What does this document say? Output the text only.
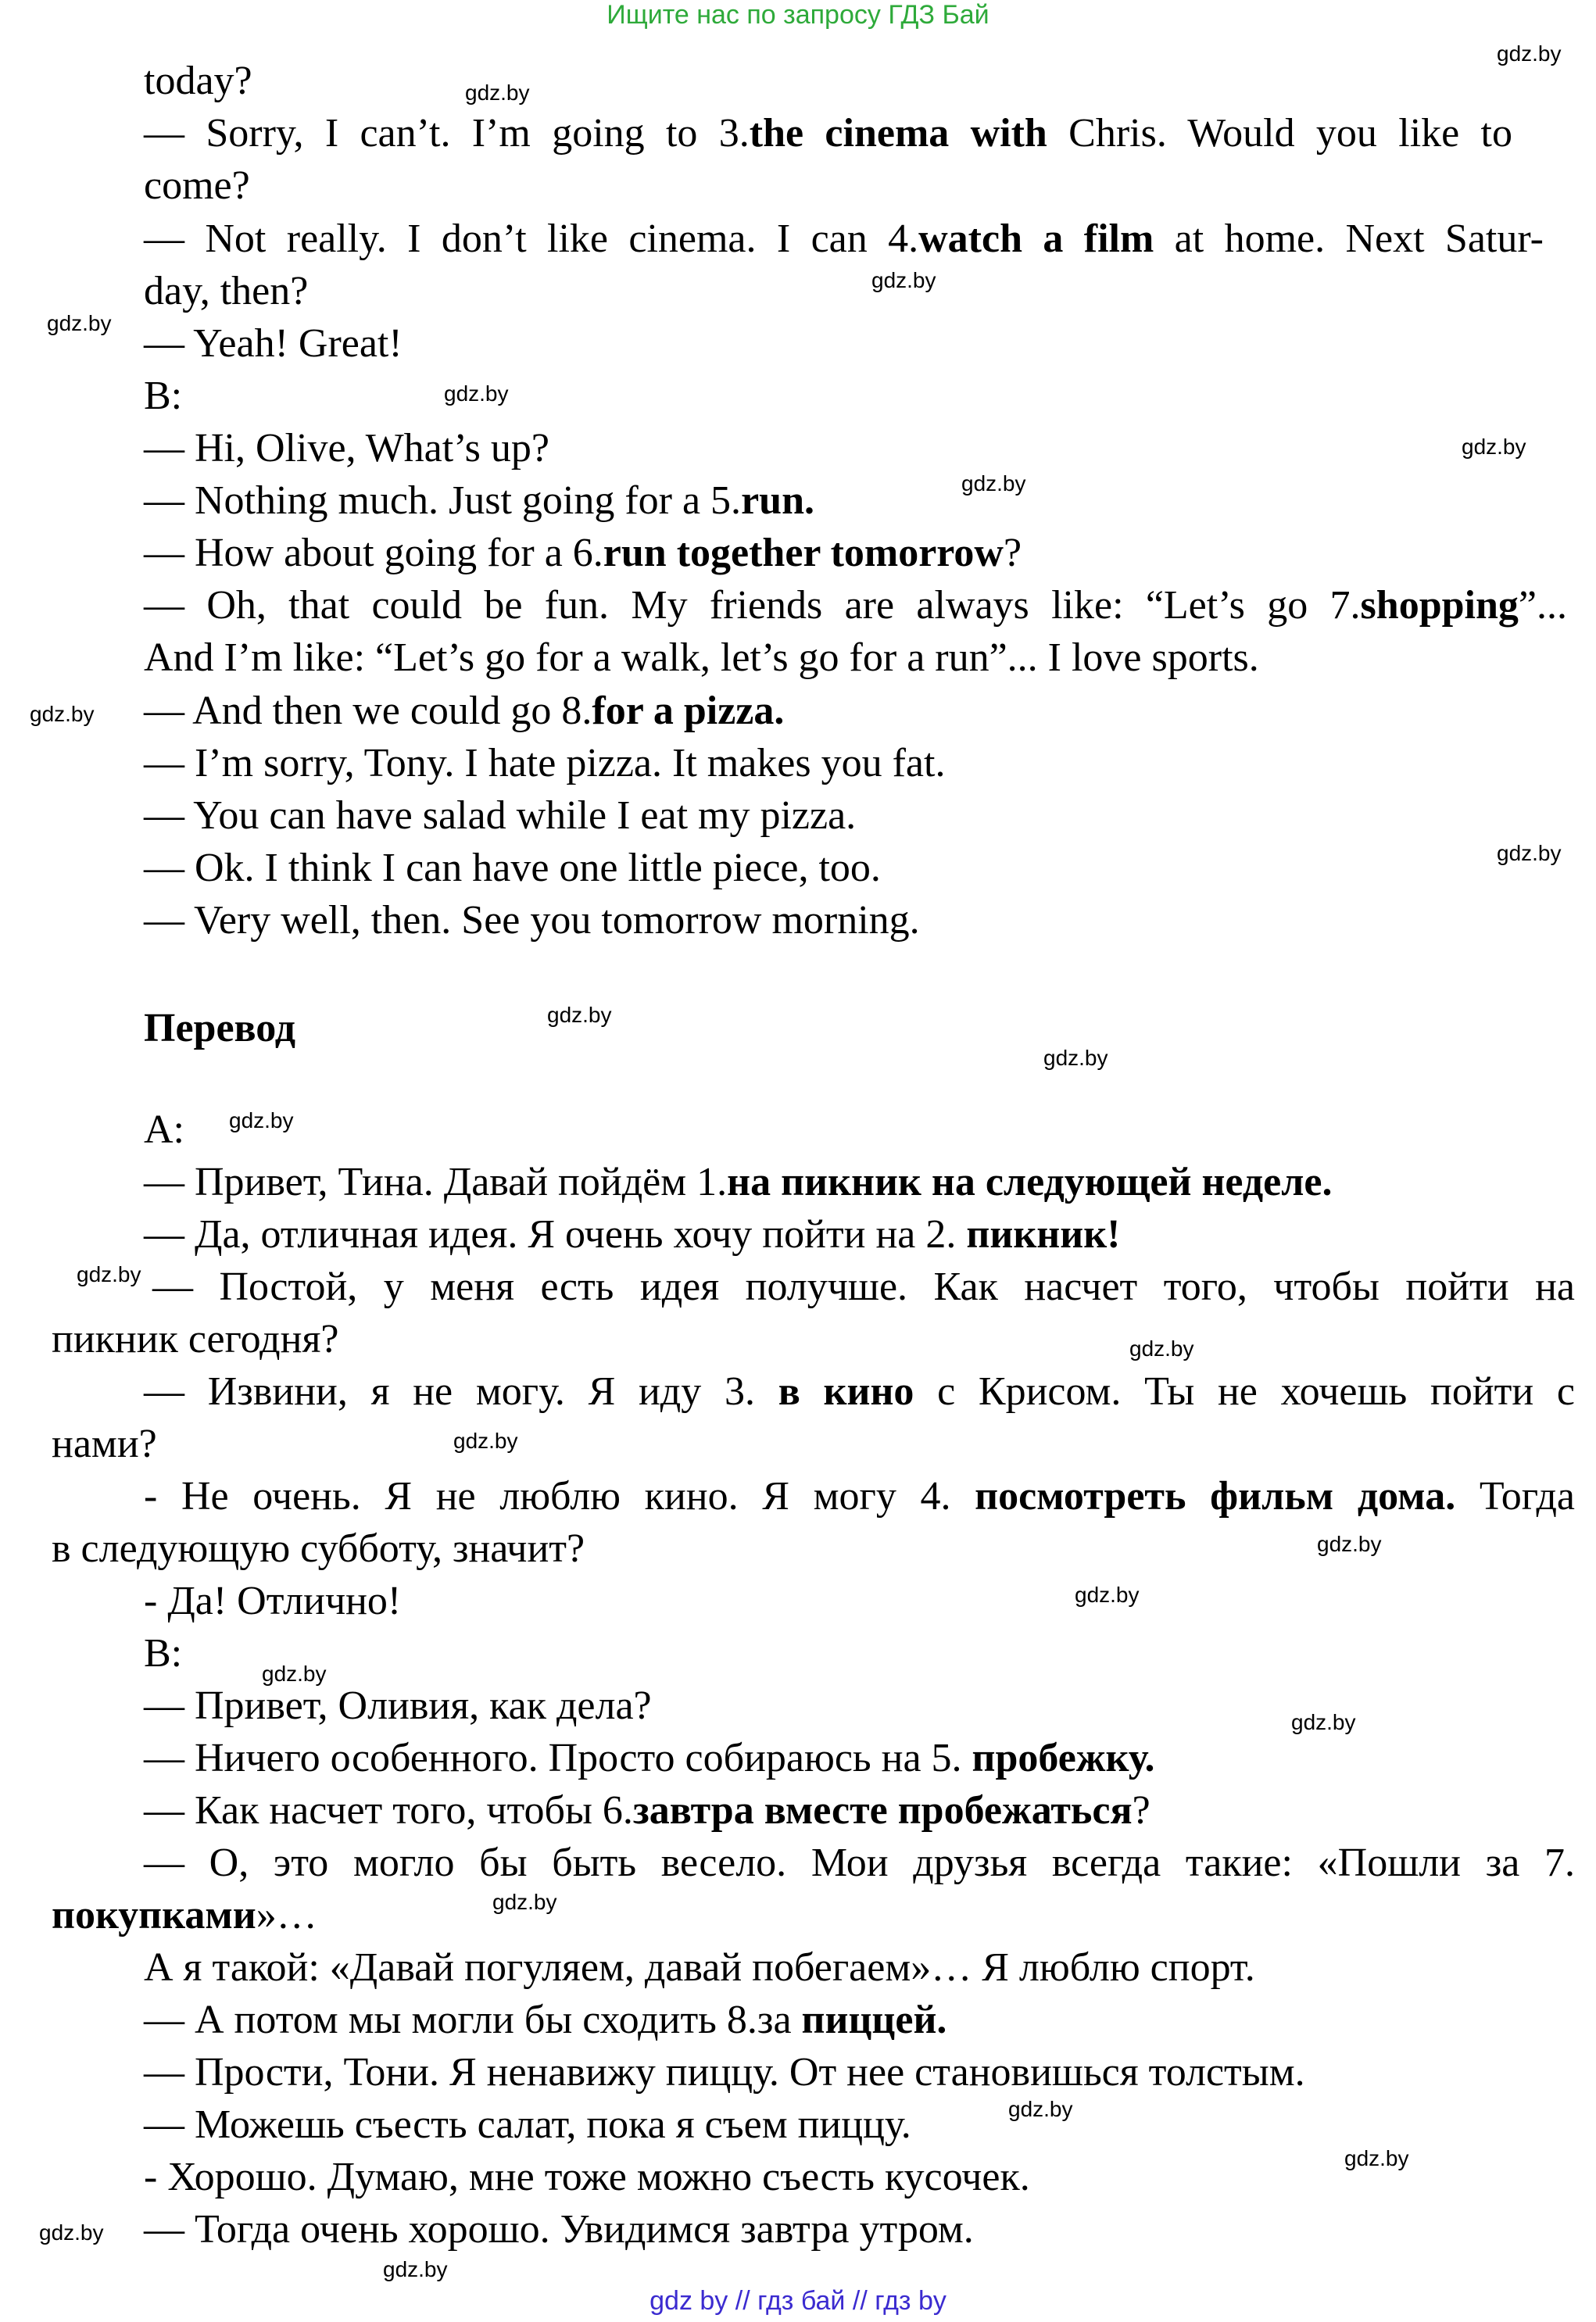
Ищите нас по запросу ГДЗ Бай
today?
— Sorry, I can’t. I’m going to 3.the cinema with Chris. Would you like to
come?
— Not really. I don’t like cinema. I can 4.watch a film at home. Next Satur-
day, then?
— Yeah! Great!
B:
— Hi, Olive, What’s up?
— Nothing much. Just going for a 5.run.
— How about going for a 6.run together tomorrow?
— Oh, that could be fun. My friends are always like: “Let’s go 7.shopping”...
And I’m like: “Let’s go for a walk, let’s go for a run”... I love sports.
— And then we could go 8.for a pizza.
— I’m sorry, Tony. I hate pizza. It makes you fat.
— You can have salad while I eat my pizza.
— Ok. I think I can have one little piece, too.
— Very well, then. See you tomorrow morning.
Перевод
А:
— Привет, Тина. Давай пойдём 1.на пикник на следующей неделе.
— Да, отличная идея. Я очень хочу пойти на 2. пикник!
— Постой, у меня есть идея получше. Как насчет того, чтобы пойти на
пикник сегодня?
— Извини, я не могу. Я иду 3. в кино с Крисом. Ты не хочешь пойти с
нами?
- Не очень. Я не люблю кино. Я могу 4. посмотреть фильм дома. Тогда
в следующую субботу, значит?
- Да! Отлично!
В:
— Привет, Оливия, как дела?
— Ничего особенного. Просто собираюсь на 5. пробежку.
— Как насчет того, чтобы 6.завтра вместе пробежаться?
— О, это могло бы быть весело. Мои друзья всегда такие: «Пошли за 7.
покупками»…
А я такой: «Давай погуляем, давай побегаем»… Я люблю спорт.
— А потом мы могли бы сходить 8.за пиццей.
— Прости, Тони. Я ненавижу пиццу. От нее становишься толстым.
— Можешь съесть салат, пока я съем пиццу.
- Хорошо. Думаю, мне тоже можно съесть кусочек.
— Тогда очень хорошо. Увидимся завтра утром.
gdz.by
gdz.by
gdz.by
gdz.by
gdz.by
gdz.by
gdz.by
gdz.by
gdz.by
gdz.by
gdz.by
gdz.by
gdz.by
gdz.by
gdz.by
gdz.by
gdz.by
gdz.by
gdz.by
gdz.by
gdz.by
gdz.by
gdz.by
gdz.by
gdz by // гдз бай // гдз by
